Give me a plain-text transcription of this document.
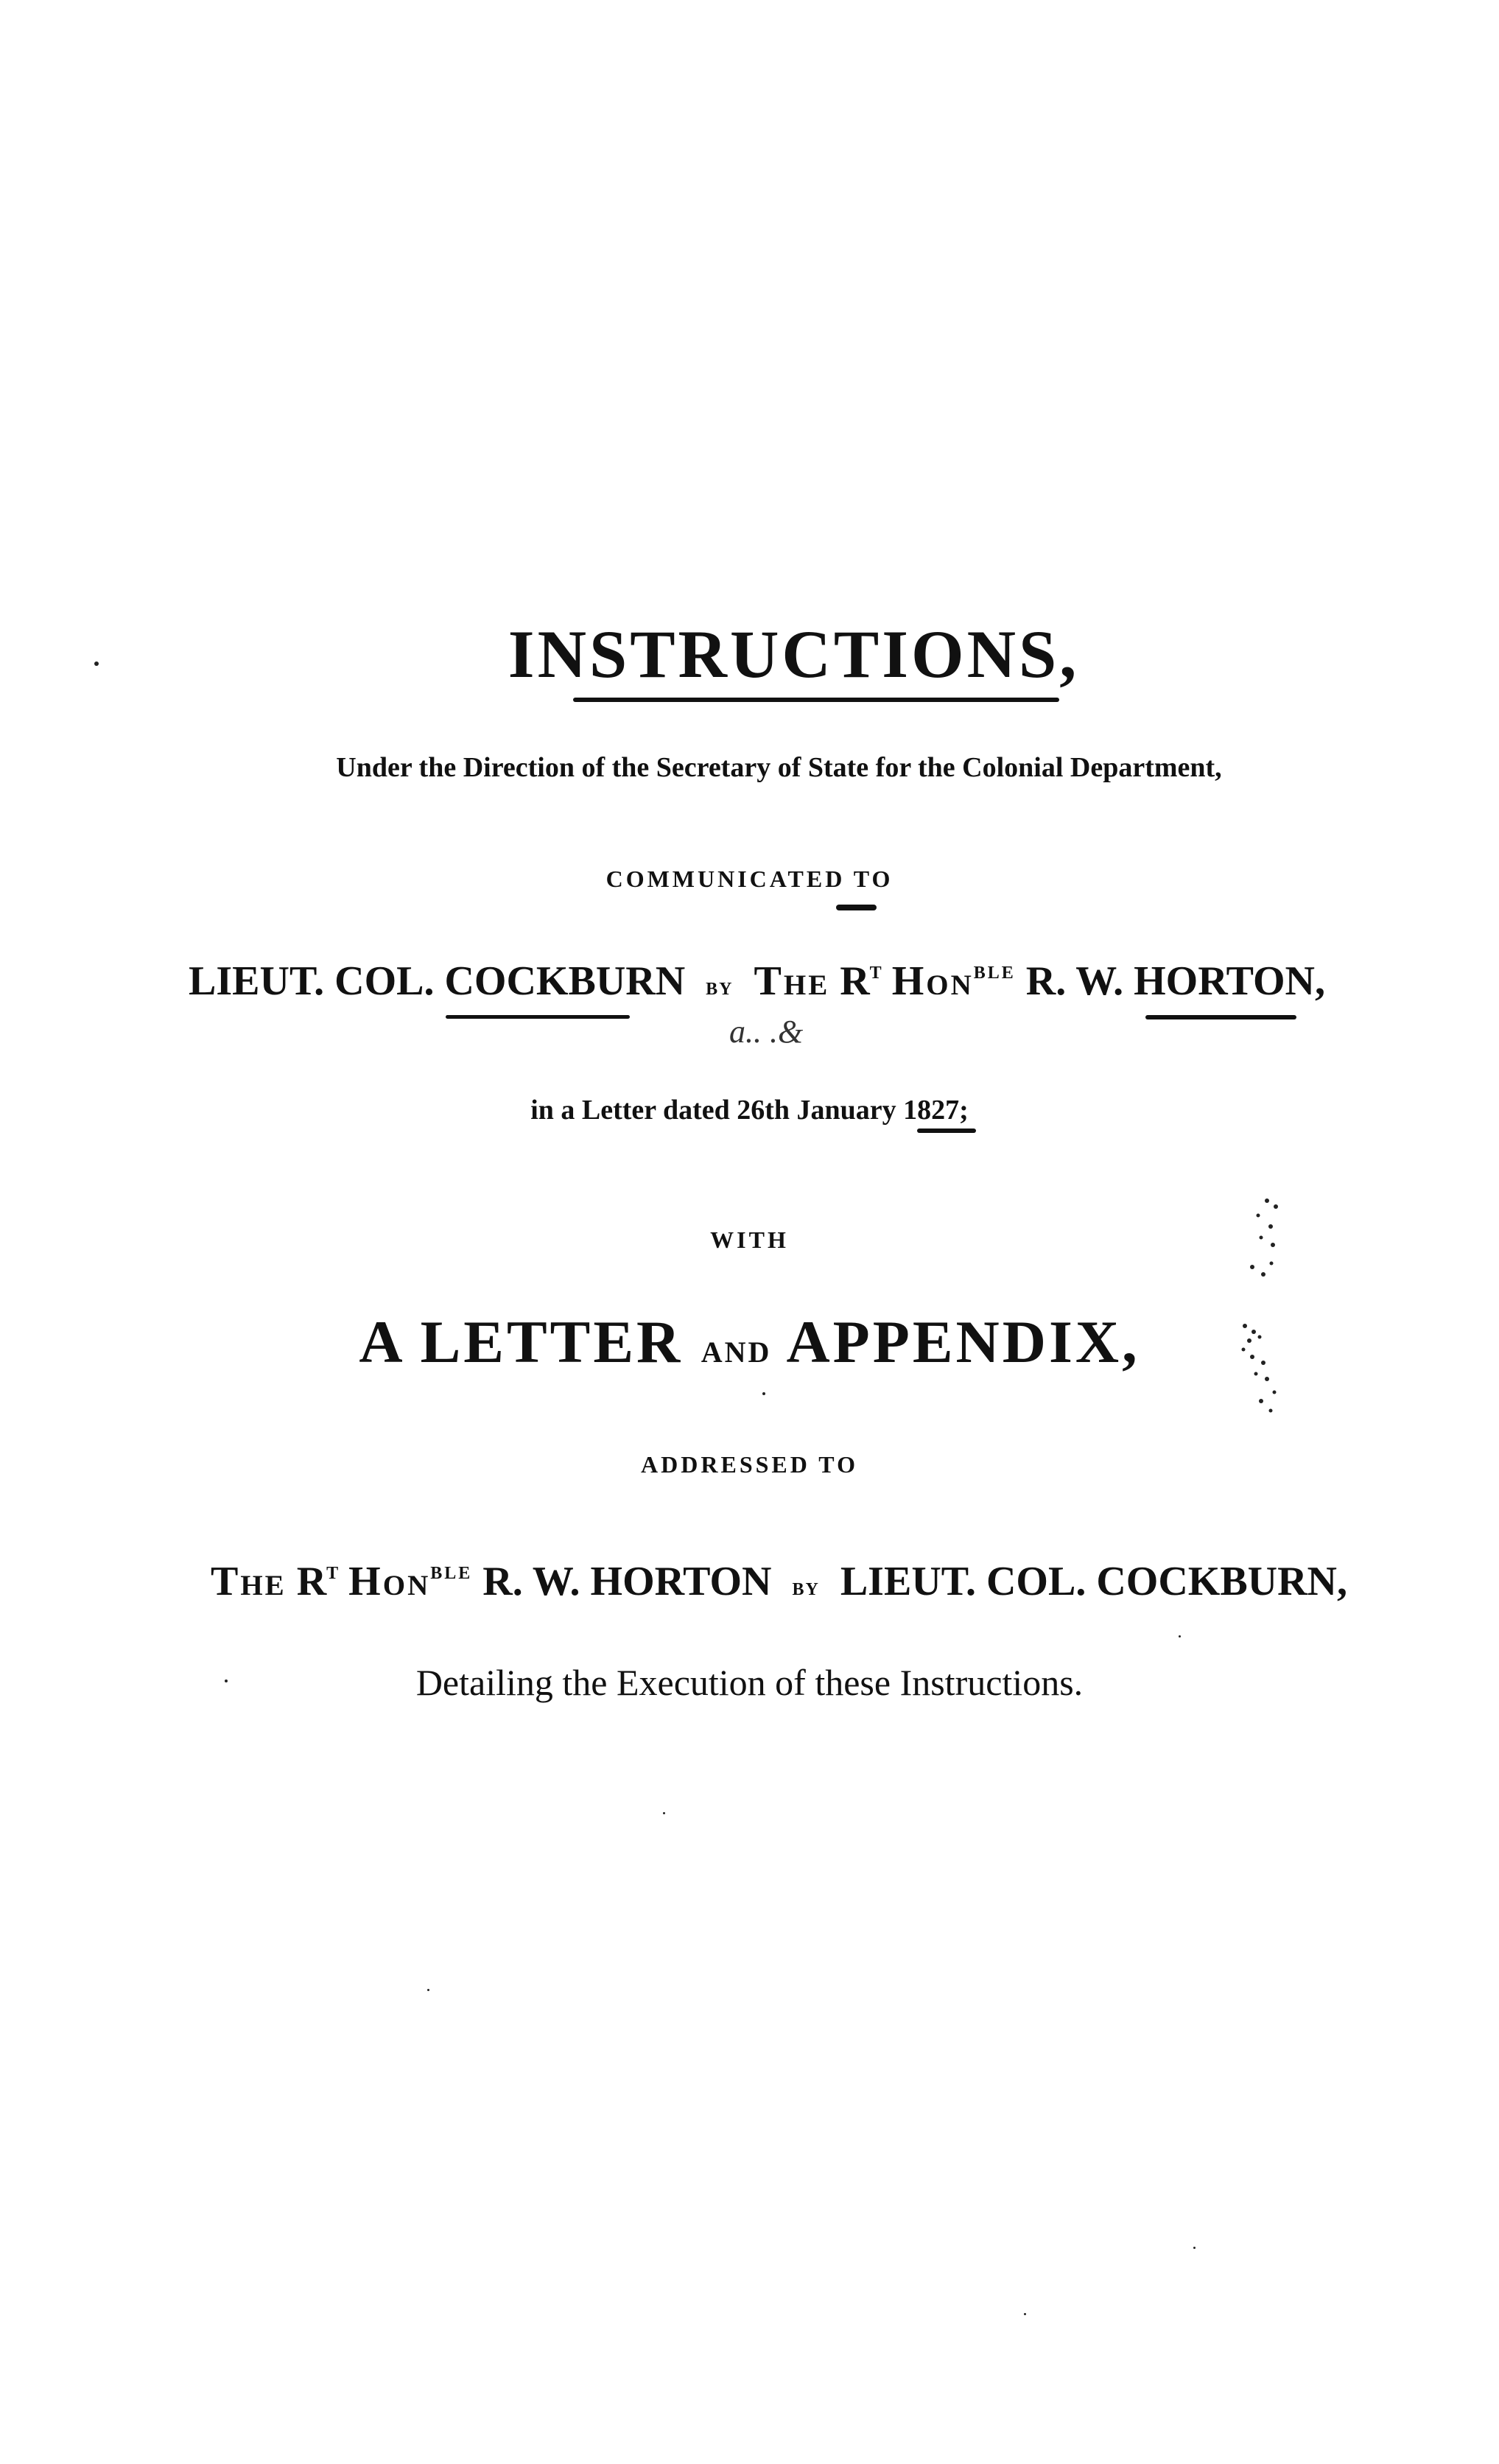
INSTRUCTIONS,
Under the Direction of the Secretary of State for the Colonial Department,
COMMUNICATED TO
LIEUT. COL. COCKBURN by The $R^T$ Hon$^{BLE}$ R. W. HORTON,
a.. .&
in a Letter dated 26th January 1827;
WITH
A LETTER AND APPENDIX,
ADDRESSED TO
The $R^T$ Hon$^{BLE}$ R. W. HORTON by LIEUT. COL. COCKBURN,
Detailing the Execution of these Instructions.
